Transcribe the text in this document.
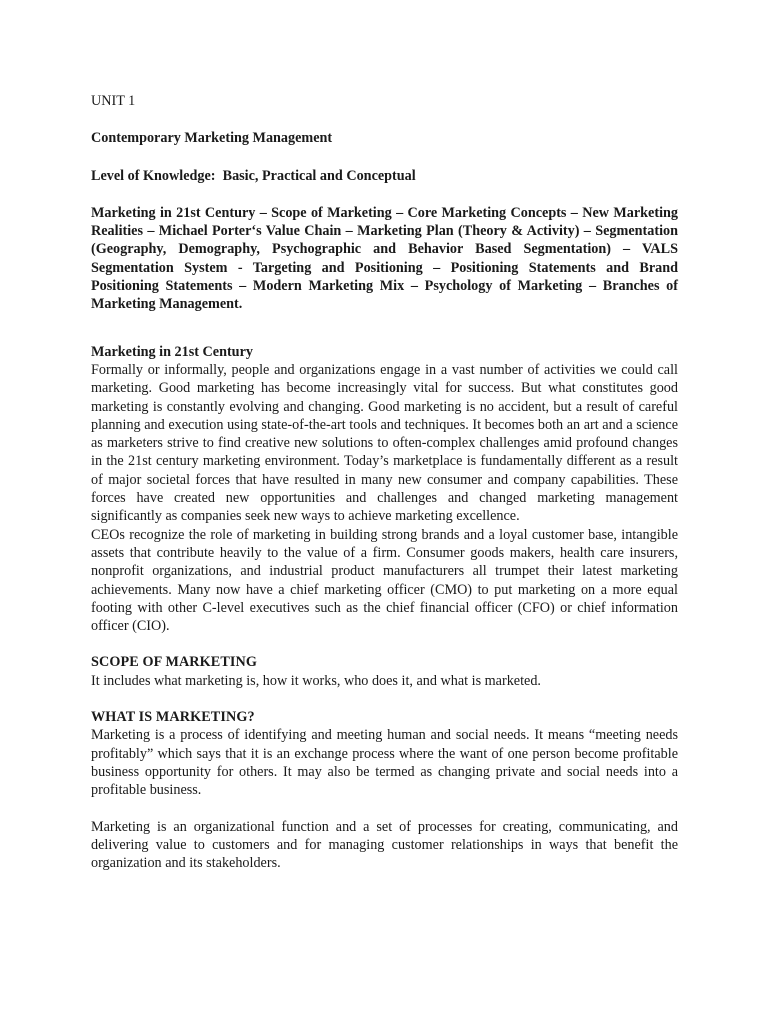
UNIT 1

Contemporary Marketing Management

Level of Knowledge:  Basic, Practical and Conceptual

Marketing in 21st Century – Scope of Marketing – Core Marketing Concepts – New Marketing Realities – Michael Porter‘s Value Chain – Marketing Plan (Theory & Activity) – Segmentation (Geography, Demography, Psychographic and Behavior Based Segmentation) – VALS Segmentation System - Targeting and Positioning – Positioning Statements and Brand Positioning Statements – Modern Marketing Mix – Psychology of Marketing – Branches of Marketing Management.

Marketing in 21st Century

Formally or informally, people and organizations engage in a vast number of activities we could call marketing. Good marketing has become increasingly vital for success. But what constitutes good marketing is constantly evolving and changing. Good marketing is no accident, but a result of careful planning and execution using state-of-the-art tools and techniques. It becomes both an art and a science as marketers strive to find creative new solutions to often-complex challenges amid profound changes in the 21st century marketing environment. Today’s marketplace is fundamentally different as a result of major societal forces that have resulted in many new consumer and company capabilities. These forces have created new opportunities and challenges and changed marketing management significantly as companies seek new ways to achieve marketing excellence.

CEOs recognize the role of marketing in building strong brands and a loyal customer base, intangible assets that contribute heavily to the value of a firm. Consumer goods makers, health care insurers, nonprofit organizations, and industrial product manufacturers all trumpet their latest marketing achievements. Many now have a chief marketing officer (CMO) to put marketing on a more equal footing with other C-level executives such as the chief financial officer (CFO) or chief information officer (CIO).

SCOPE OF MARKETING

It includes what marketing is, how it works, who does it, and what is marketed.

WHAT IS MARKETING?

Marketing is a process of identifying and meeting human and social needs. It means “meeting needs profitably” which says that it is an exchange process where the want of one person become profitable business opportunity for others. It may also be termed as changing private and social needs into a profitable business.

Marketing is an organizational function and a set of processes for creating, communicating, and delivering value to customers and for managing customer relationships in ways that benefit the organization and its stakeholders.
